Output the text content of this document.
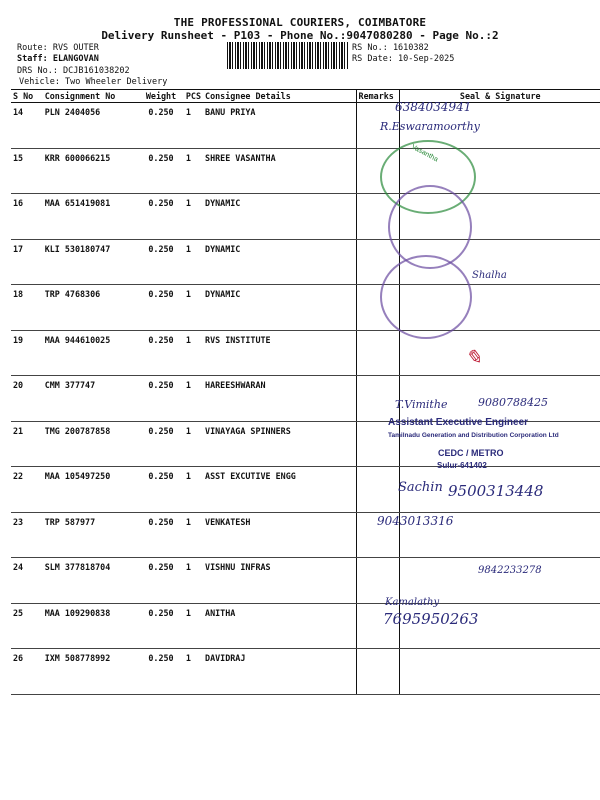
THE PROFESSIONAL COURIERS, COIMBATORE
Delivery Runsheet - P103 - Phone No.:9047080280 - Page No.:2
Route: RVS OUTER
Staff: ELANGOVAN
DRS No.: DCJB161038202
Vehicle: Two Wheeler Delivery
RS No.: 1610382
RS Date: 10-Sep-2025
S No	Consignment No	Weight	PCS	Consignee Details	Remarks	Seal & Signature
14	PLN 2404056	0.250	1	BANU PRIYA		
15	KRR 600066215	0.250	1	SHREE VASANTHA		
16	MAA 651419081	0.250	1	DYNAMIC		
17	KLI 530180747	0.250	1	DYNAMIC		
18	TRP 4768306	0.250	1	DYNAMIC		
19	MAA 944610025	0.250	1	RVS INSTITUTE		
20	CMM 377747	0.250	1	HAREESHWARAN		
21	TMG 200787858	0.250	1	VINAYAGA SPINNERS		
22	MAA 105497250	0.250	1	ASST EXCUTIVE ENGG		
23	TRP 587977	0.250	1	VENKATESH		
24	SLM 377818704	0.250	1	VISHNU INFRAS		
25	MAA 109290838	0.250	1	ANITHA		
26	IXM 508778992	0.250	1	DAVIDRAJ		
6384034941
R.Eswaramoorthy
Vasantha
Shalha
✎
T.Vimithe	9080788425
Assistant Executive Engineer
Tamilnadu Generation and Distribution Corporation Ltd
CEDC / METRO
Sulur-641402
Sachin 9500313448
9043013316
9842233278
Kamalathy
7695950263
